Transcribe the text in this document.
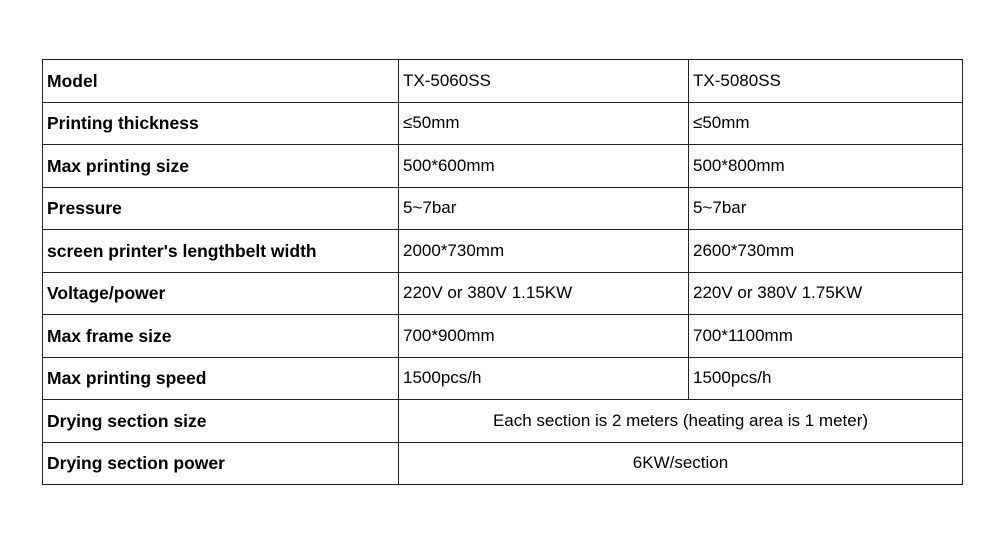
Model	TX-5060SS	TX-5080SS
Printing thickness	≤50mm	≤50mm
Max printing size	500*600mm	500*800mm
Pressure	5~7bar	5~7bar
screen printer's lengthbelt width	2000*730mm	2600*730mm
Voltage/power	220V or 380V 1.15KW	220V or 380V 1.75KW
Max frame size	700*900mm	700*1100mm
Max printing speed	1500pcs/h	1500pcs/h
Drying section size	Each section is 2 meters (heating area is 1 meter)	
Drying section power	6KW/section	
